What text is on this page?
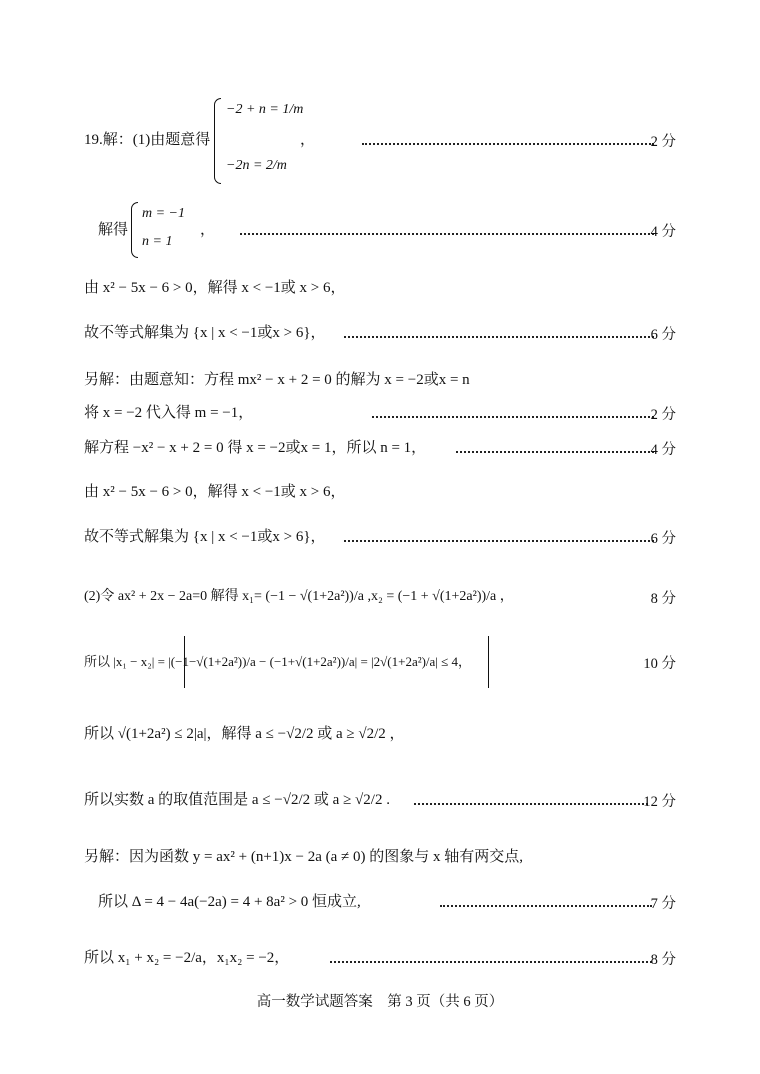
19.解：(1)由题意得
−2 + n = 1/m
−2n = 2/m
，	2 分
解得
m = −1
n = 1
，	4 分
由 x² − 5x − 6 > 0，解得 x < −1或 x > 6，
故不等式解集为 {x | x < −1或x > 6}，	6 分
另解：由题意知：方程 mx² − x + 2 = 0 的解为 x = −2或x = n
将 x = −2 代入得 m = −1，	2 分
解方程 −x² − x + 2 = 0 得 x = −2或x = 1，所以 n = 1，	4 分
由 x² − 5x − 6 > 0，解得 x < −1或 x > 6，
故不等式解集为 {x | x < −1或x > 6}，	6 分
(2)令 ax² + 2x − 2a=0 解得 x₁= (−1 − √(1+2a²))/a ,x₂ = (−1 + √(1+2a²))/a ，	8 分
所以 |x₁ − x₂| = |(−1−√(1+2a²))/a − (−1+√(1+2a²))/a| = |2√(1+2a²)/a| ≤ 4，	10 分
所以 √(1+2a²) ≤ 2|a|，解得 a ≤ −√2/2 或 a ≥ √2/2 ，
所以实数 a 的取值范围是 a ≤ −√2/2 或 a ≥ √2/2 .	12 分
另解：因为函数 y = ax² + (n+1)x − 2a (a ≠ 0) 的图象与 x 轴有两交点,
所以 Δ = 4 − 4a(−2a) = 4 + 8a² > 0 恒成立,	7 分
所以 x₁ + x₂ = −2/a，x₁x₂ = −2，	8 分
高一数学试题答案　第 3 页（共 6 页）
